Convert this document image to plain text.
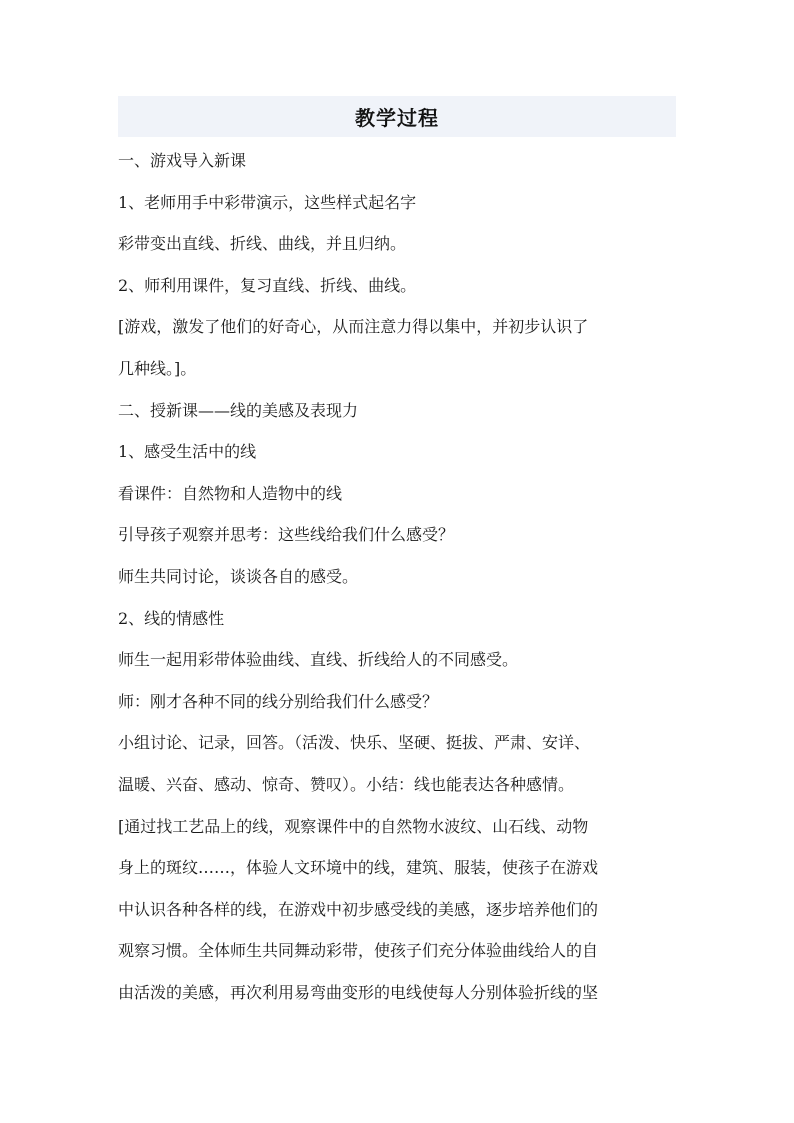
教学过程

一、游戏导入新课

1、老师用手中彩带演示，这些样式起名字

彩带变出直线、折线、曲线，并且归纳。

2、师利用课件，复习直线、折线、曲线。

[游戏，激发了他们的好奇心，从而注意力得以集中，并初步认识了

几种线。]。

二、授新课——线的美感及表现力

1、感受生活中的线

看课件：自然物和人造物中的线

引导孩子观察并思考：这些线给我们什么感受？

师生共同讨论，谈谈各自的感受。

2、线的情感性

师生一起用彩带体验曲线、直线、折线给人的不同感受。

师：刚才各种不同的线分别给我们什么感受？

小组讨论、记录，回答。（活泼、快乐、坚硬、挺拔、严肃、安详、

温暖、兴奋、感动、惊奇、赞叹）。小结：线也能表达各种感情。

[通过找工艺品上的线，观察课件中的自然物水波纹、山石线、动物

身上的斑纹……，体验人文环境中的线，建筑、服装，使孩子在游戏

中认识各种各样的线，在游戏中初步感受线的美感，逐步培养他们的

观察习惯。全体师生共同舞动彩带，使孩子们充分体验曲线给人的自

由活泼的美感，再次利用易弯曲变形的电线使每人分别体验折线的坚
